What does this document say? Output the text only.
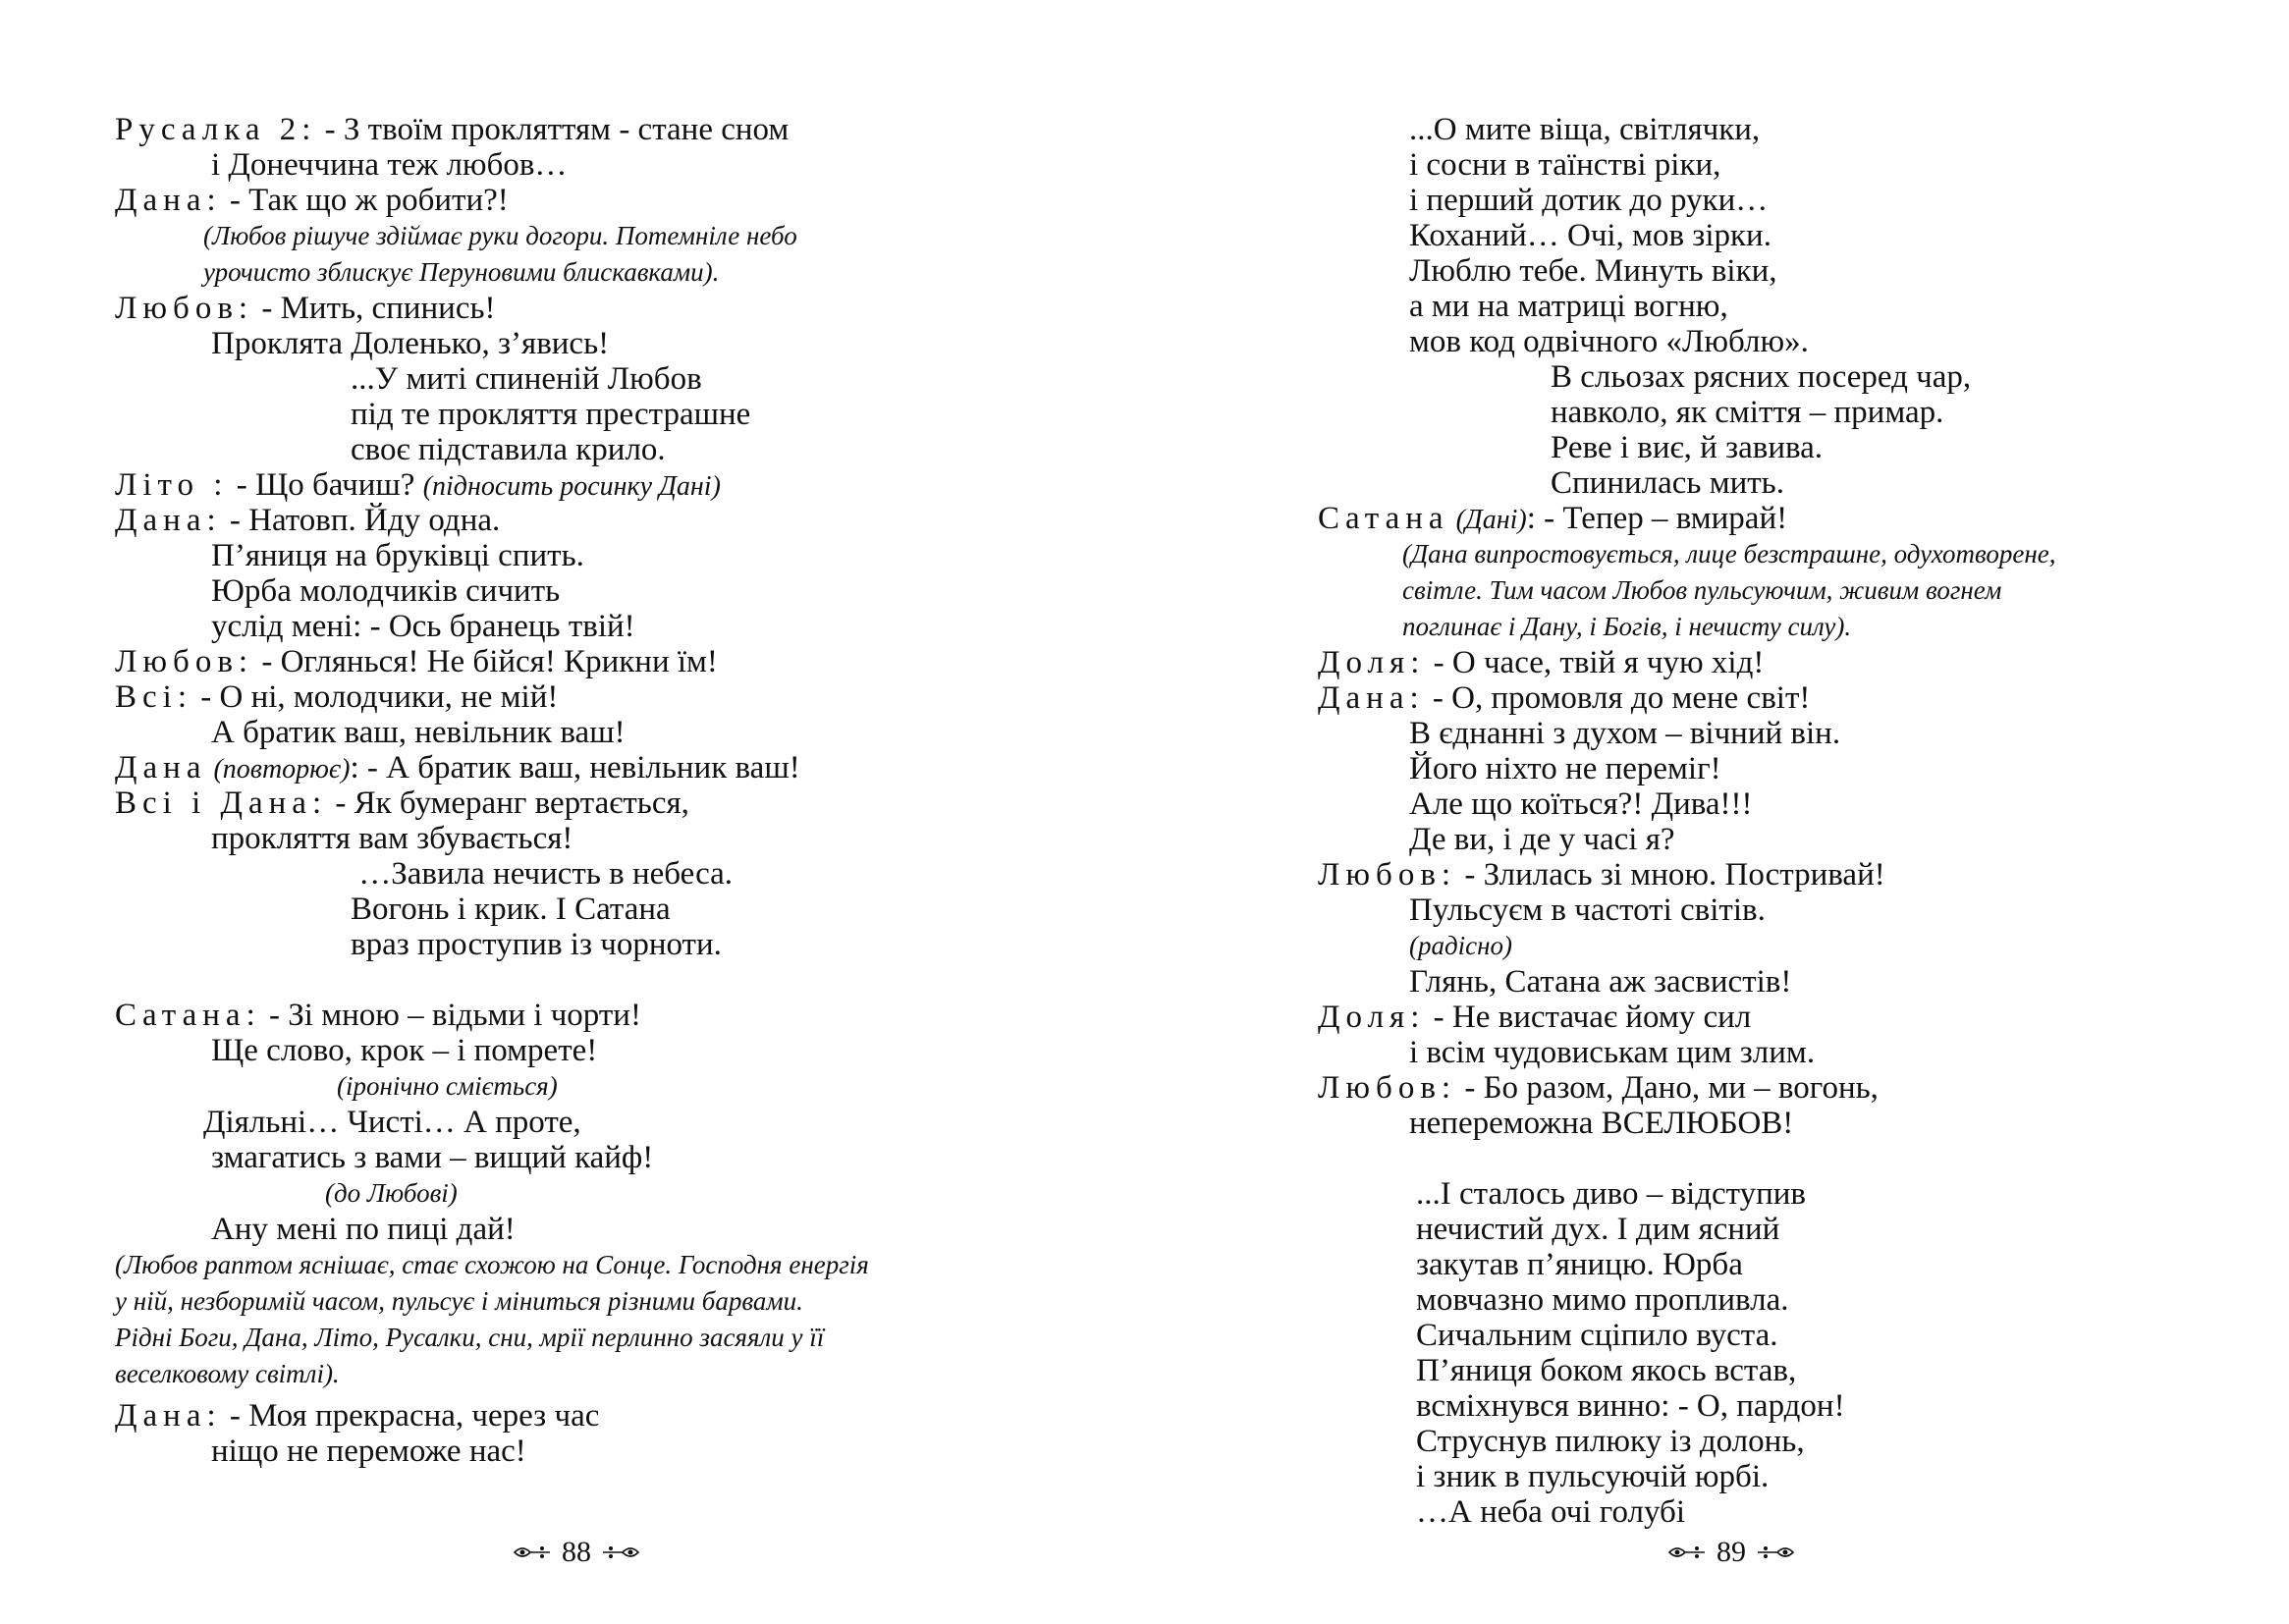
Русалка 2: - З твоїм прокляттям - стане сном
і Донеччина теж любов…
Дана: - Так що ж робити?!
(Любов рішуче здіймає руки догори. Потемніле небо
урочисто зблискує Перуновими блискавками).
Любов: - Мить, спинись!
Проклята Доленько, з’явись!
...У миті спиненій Любов
під те прокляття престрашне
своє підставила крило.
Літо : - Що бачиш? (підносить росинку Дані)
Дана: - Натовп. Йду одна.
П’яниця на бруківці спить.
Юрба молодчиків сичить
услід мені: - Ось бранець твій!
Любов: - Оглянься! Не бійся! Крикни їм!
Всі: - О ні, молодчики, не мій!
А братик ваш, невільник ваш!
Дана (повторює): - А братик ваш, невільник ваш!
Всі і Дана: - Як бумеранг вертається,
прокляття вам збувається!
…Завила нечисть в небеса.
Вогонь і крик. І Сатана
враз проступив із чорноти.
Сатана: - Зі мною – відьми і чорти!
Ще слово, крок – і помрете!
(іронічно сміється)
Діяльні… Чисті… А проте,
змагатись з вами – вищий кайф!
(до Любові)
Ану мені по пиці дай!
(Любов раптом яснішає, стає схожою на Сонце. Господня енергія
у ній, незборимій часом, пульсує і міниться різними барвами.
Рідні Боги, Дана, Літо, Русалки, сни, мрії перлинно засяяли у її
веселковому світлі).
Дана: - Моя прекрасна, через час
ніщо не переможе нас!
88
...О мите віща, світлячки,
і сосни в таїнстві ріки,
і перший дотик до руки…
Коханий… Очі, мов зірки.
Люблю тебе. Минуть віки,
а ми на матриці вогню,
мов код одвічного «Люблю».
В сльозах рясних посеред чар,
навколо, як сміття – примар.
Реве і виє, й завива.
Спинилась мить.
Сатана (Дані): - Тепер – вмирай!
(Дана випростовується, лице безстрашне, одухотворене,
світле. Тим часом Любов пульсуючим, живим вогнем
поглинає і Дану, і Богів, і нечисту силу).
Доля: - О часе, твій я чую хід!
Дана: - О, промовля до мене світ!
В єднанні з духом – вічний він.
Його ніхто не переміг!
Але що коїться?! Дива!!!
Де ви, і де у часі я?
Любов: - Злилась зі мною. Постривай!
Пульсуєм в частоті світів.
(радісно)
Глянь, Сатана аж засвистів!
Доля: - Не вистачає йому сил
і всім чудовиськам цим злим.
Любов: - Бо разом, Дано, ми – вогонь,
непереможна ВСЕЛЮБОВ!
...І сталось диво – відступив
нечистий дух. І дим ясний
закутав п’яницю. Юрба
мовчазно мимо пропливла.
Сичальним сціпило вуста.
П’яниця боком якось встав,
всміхнувся винно: - О, пардон!
Струснув пилюку із долонь,
і зник в пульсуючій юрбі.
…А неба очі голубі
89
